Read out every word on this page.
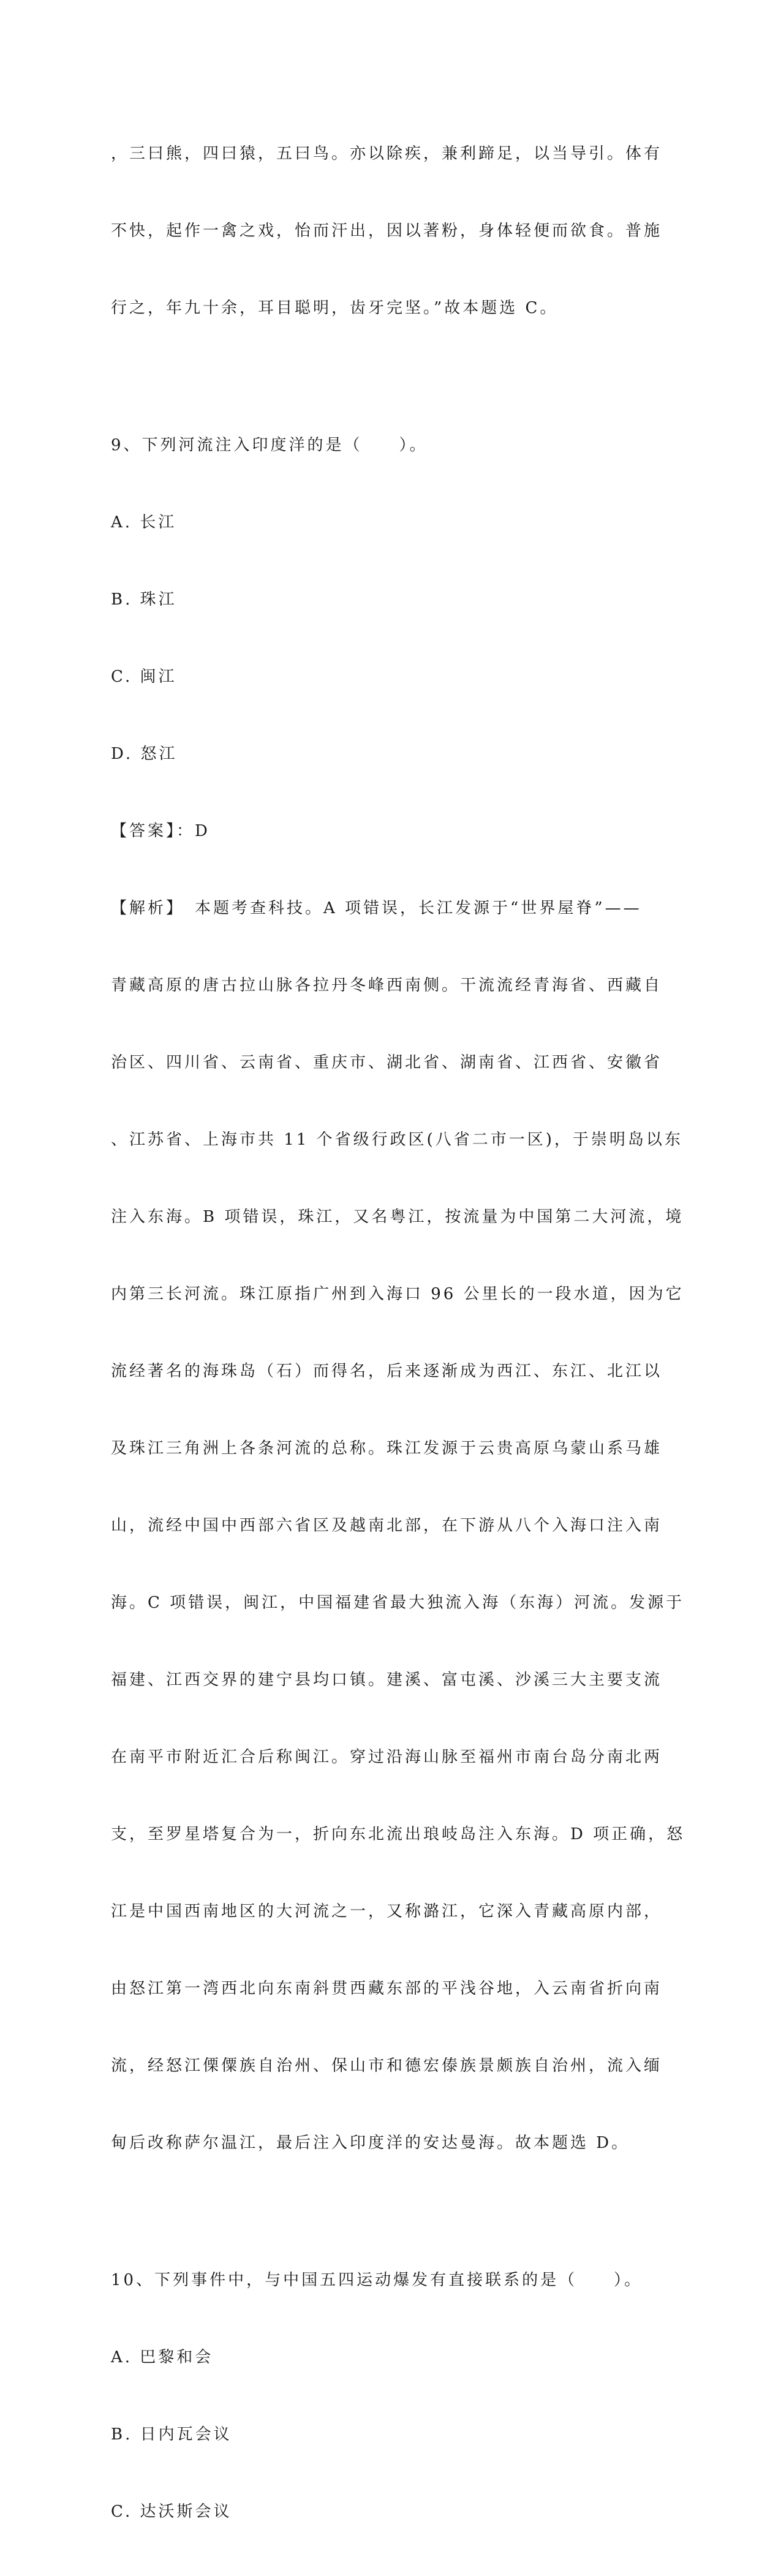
，三曰熊，四曰猿，五曰鸟。亦以除疾，兼利蹄足，以当导引。体有

不快，起作一禽之戏，怡而汗出，因以著粉，身体轻便而欲食。普施

行之，年九十余，耳目聪明，齿牙完坚。”故本题选 C。

9、下列河流注入印度洋的是（　　）。

A. 长江

B. 珠江

C. 闽江

D. 怒江

【答案】：D

【解析】　本题考查科技。A 项错误，长江发源于“世界屋脊”——

青藏高原的唐古拉山脉各拉丹冬峰西南侧。干流流经青海省、西藏自

治区、四川省、云南省、重庆市、湖北省、湖南省、江西省、安徽省

、江苏省、上海市共 11 个省级行政区(八省二市一区)，于崇明岛以东

注入东海。B 项错误，珠江，又名粤江，按流量为中国第二大河流，境

内第三长河流。珠江原指广州到入海口 96 公里长的一段水道，因为它

流经著名的海珠岛（石）而得名，后来逐渐成为西江、东江、北江以

及珠江三角洲上各条河流的总称。珠江发源于云贵高原乌蒙山系马雄

山，流经中国中西部六省区及越南北部，在下游从八个入海口注入南

海。C 项错误，闽江，中国福建省最大独流入海（东海）河流。发源于

福建、江西交界的建宁县均口镇。建溪、富屯溪、沙溪三大主要支流

在南平市附近汇合后称闽江。穿过沿海山脉至福州市南台岛分南北两

支，至罗星塔复合为一，折向东北流出琅岐岛注入东海。D 项正确，怒

江是中国西南地区的大河流之一，又称潞江，它深入青藏高原内部，

由怒江第一湾西北向东南斜贯西藏东部的平浅谷地，入云南省折向南

流，经怒江傈僳族自治州、保山市和德宏傣族景颇族自治州，流入缅

甸后改称萨尔温江，最后注入印度洋的安达曼海。故本题选 D。

10、下列事件中，与中国五四运动爆发有直接联系的是（　　）。

A. 巴黎和会

B. 日内瓦会议

C. 达沃斯会议
